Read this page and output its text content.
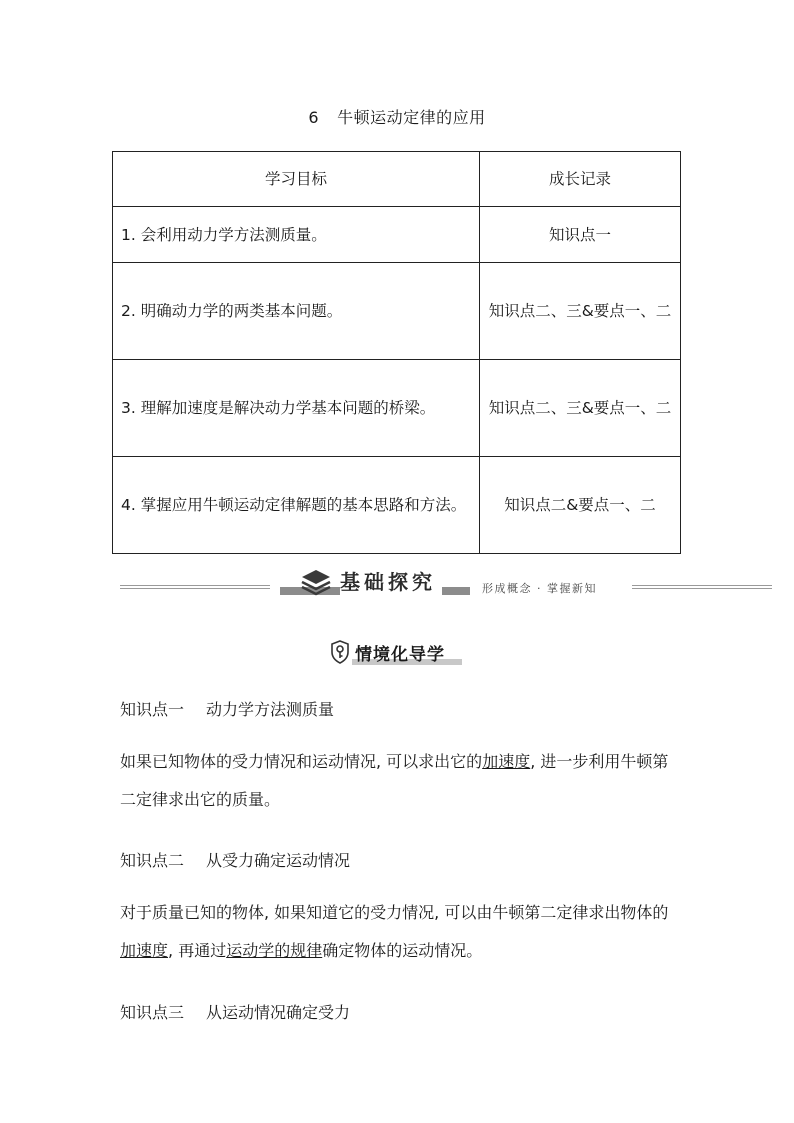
6 牛顿运动定律的应用
学习目标	成长记录
1. 会利用动力学方法测质量。	知识点一
2. 明确动力学的两类基本问题。	知识点二、三&要点一、二
3. 理解加速度是解决动力学基本问题的桥梁。	知识点二、三&要点一、二
4. 掌握应用牛顿运动定律解题的基本思路和方法。	知识点二&要点一、二
基础探究	形成概念 · 掌握新知
情境化导学
知识点一 动力学方法测质量
如果已知物体的受力情况和运动情况, 可以求出它的加速度, 进一步利用牛顿第二定律求出它的质量。
知识点二 从受力确定运动情况
对于质量已知的物体, 如果知道它的受力情况, 可以由牛顿第二定律求出物体的加速度, 再通过运动学的规律确定物体的运动情况。
知识点三 从运动情况确定受力
